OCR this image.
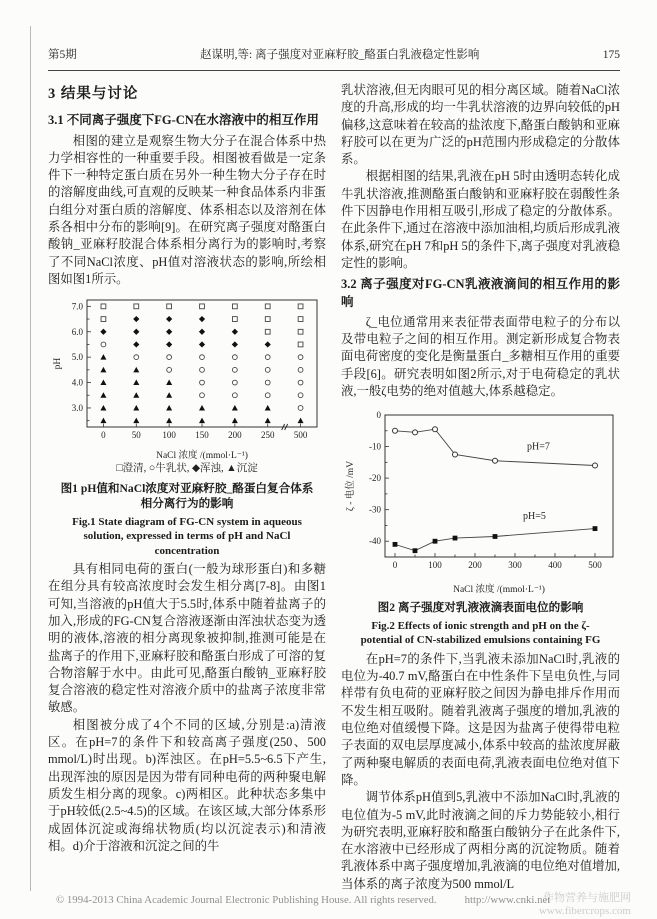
第5期	赵谋明,等: 离子强度对亚麻籽胶_酪蛋白乳液稳定性影响	175
3 结果与讨论
3.1 不同离子强度下FG-CN在水溶液中的相互作用

相图的建立是观察生物大分子在混合体系中热力学相容性的一种重要手段。相图被看做是一定条件下一种特定蛋白质在另外一种生物大分子存在时的溶解度曲线,可直观的反映某一种食品体系内非蛋白组分对蛋白质的溶解度、体系相态以及溶剂在体系各相中分布的影响[9]。在研究离子强度对酪蛋白酸钠_亚麻籽胶混合体系相分离行为的影响时,考察了不同NaCl浓度、pH值对溶液状态的影响,所绘相图如图1所示。

3.0
4.0
5.0
6.0
7.0
0	50 100 150 200 250 500
NaCl 浓度 /(mmol·L⁻¹)
pH
□澄清, ○牛乳状, ◆浑浊, ▲沉淀
图1 pH值和NaCl浓度对亚麻籽胶_酪蛋白复合体系相分离行为的影响
Fig.1 State diagram of FG-CN system in aqueous solution, expressed in terms of pH and NaCl concentration

具有相同电荷的蛋白(一般为球形蛋白)和多糖在组分具有较高浓度时会发生相分离[7-8]。由图1可知,当溶液的pH值大于5.5时,体系中随着盐离子的加入,形成的FG-CN复合溶液逐渐由浑浊状态变为透明的液体,溶液的相分离现象被抑制,推测可能是在盐离子的作用下,亚麻籽胶和酪蛋白形成了可溶的复合物溶解于水中。由此可见,酪蛋白酸钠_亚麻籽胶复合溶液的稳定性对溶液介质中的盐离子浓度非常敏感。

相图被分成了4个不同的区域,分别是:a)清液区。在pH=7的条件下和较高离子强度(250、500 mmol/L)时出现。b)浑浊区。在pH=5.5~6.5下产生,出现浑浊的原因是因为带有同种电荷的两种聚电解质发生相分离的现象。c)两相区。此种状态多集中于pH较低(2.5~4.5)的区域。在该区域,大部分体系形成固体沉淀或海绵状物质(均以沉淀表示)和清液相。d)介于溶液和沉淀之间的牛

乳状溶液,但无肉眼可见的相分离区域。随着NaCl浓度的升高,形成的均一牛乳状溶液的边界向较低的pH偏移,这意味着在较高的盐浓度下,酪蛋白酸钠和亚麻籽胶可以在更为广泛的pH范围内形成稳定的分散体系。

根据相图的结果,乳液在pH 5时由透明态转化成牛乳状溶液,推测酪蛋白酸钠和亚麻籽胶在弱酸性条件下因静电作用相互吸引,形成了稳定的分散体系。在此条件下,通过在溶液中添加油相,均质后形成乳液体系,研究在pH 7和pH 5的条件下,离子强度对乳液稳定性的影响。

3.2 离子强度对FG-CN乳液液滴间的相互作用的影响

ζ_电位通常用来表征带表面带电粒子的分布以及带电粒子之间的相互作用。测定新形成复合物表面电荷密度的变化是衡量蛋白_多糖相互作用的重要手段[6]。研究表明如图2所示,对于电荷稳定的乳状液,一般ζ电势的绝对值越大,体系越稳定。

0
-10
-20
-30
-40
0	100	200	300	400	500
pH=7
pH=5
NaCl 浓度 /(mmol·L⁻¹)
ζ - 电位 /mV
图2 离子强度对乳液液滴表面电位的影响
Fig.2 Effects of ionic strength and pH on the ζ-potential of CN-stabilized emulsions containing FG

在pH=7的条件下,当乳液未添加NaCl时,乳液的电位为-40.7 mV,酪蛋白在中性条件下呈电负性,与同样带有负电荷的亚麻籽胶之间因为静电排斥作用而不发生相互吸附。随着乳液离子强度的增加,乳液的电位绝对值缓慢下降。这是因为盐离子使得带电粒子表面的双电层厚度减小,体系中较高的盐浓度屏蔽了两种聚电解质的表面电荷,乳液表面电位绝对值下降。

调节体系pH值到5,乳液中不添加NaCl时,乳液的电位值为-5 mV,此时液滴之间的斥力势能较小,相行为研究表明,亚麻籽胶和酪蛋白酸钠分子在此条件下,在水溶液中已经形成了两相分离的沉淀物质。随着乳液体系中离子强度增加,乳液滴的电位绝对值增加,当体系的离子浓度为500 mmol/L

© 1994-2013 China Academic Journal Electronic Publishing House. All rights reserved.	http://www.cnki.net
作物营养与施肥网
www.fibercrops.com
